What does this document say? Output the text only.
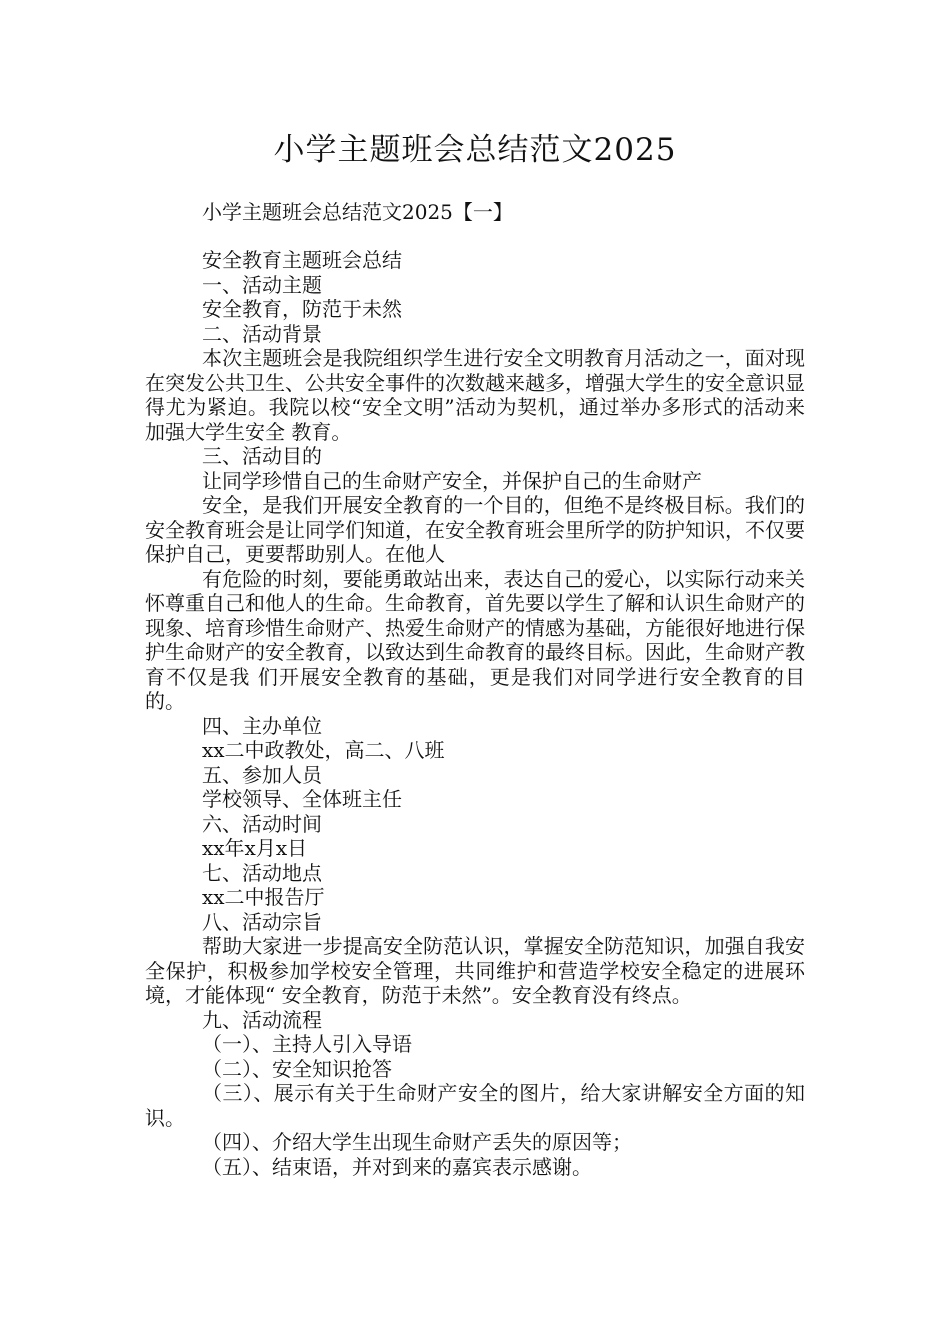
小学主题班会总结范文2025
小学主题班会总结范文2025【一】

安全教育主题班会总结

一、活动主题

安全教育，防范于未然

二、活动背景

本次主题班会是我院组织学生进行安全文明教育月活动之一，面对现在突发公共卫生、公共安全事件的次数越来越多，增强大学生的安全意识显得尤为紧迫。我院以校“安全文明”活动为契机，通过举办多形式的活动来加强大学生安全 教育。

三、活动目的

让同学珍惜自己的生命财产安全，并保护自己的生命财产

安全，是我们开展安全教育的一个目的，但绝不是终极目标。我们的安全教育班会是让同学们知道，在安全教育班会里所学的防护知识，不仅要保护自己，更要帮助别人。在他人

有危险的时刻，要能勇敢站出来，表达自己的爱心，以实际行动来关怀尊重自己和他人的生命。生命教育，首先要以学生了解和认识生命财产的现象、培育珍惜生命财产、热爱生命财产的情感为基础，方能很好地进行保护生命财产的安全教育，以致达到生命教育的最终目标。因此，生命财产教育不仅是我 们开展安全教育的基础，更是我们对同学进行安全教育的目的。

四、主办单位

xx二中政教处，高二、八班

五、参加人员

学校领导、全体班主任

六、活动时间

xx年x月x日

七、活动地点

xx二中报告厅

八、活动宗旨

帮助大家进一步提高安全防范认识，掌握安全防范知识，加强自我安全保护，积极参加学校安全管理，共同维护和营造学校安全稳定的进展环境，才能体现“ 安全教育，防范于未然”。安全教育没有终点。

九、活动流程

（一）、主持人引入导语

（二）、安全知识抢答

（三）、展示有关于生命财产安全的图片，给大家讲解安全方面的知识。

（四）、介绍大学生出现生命财产丢失的原因等；

（五）、结束语，并对到来的嘉宾表示感谢。
